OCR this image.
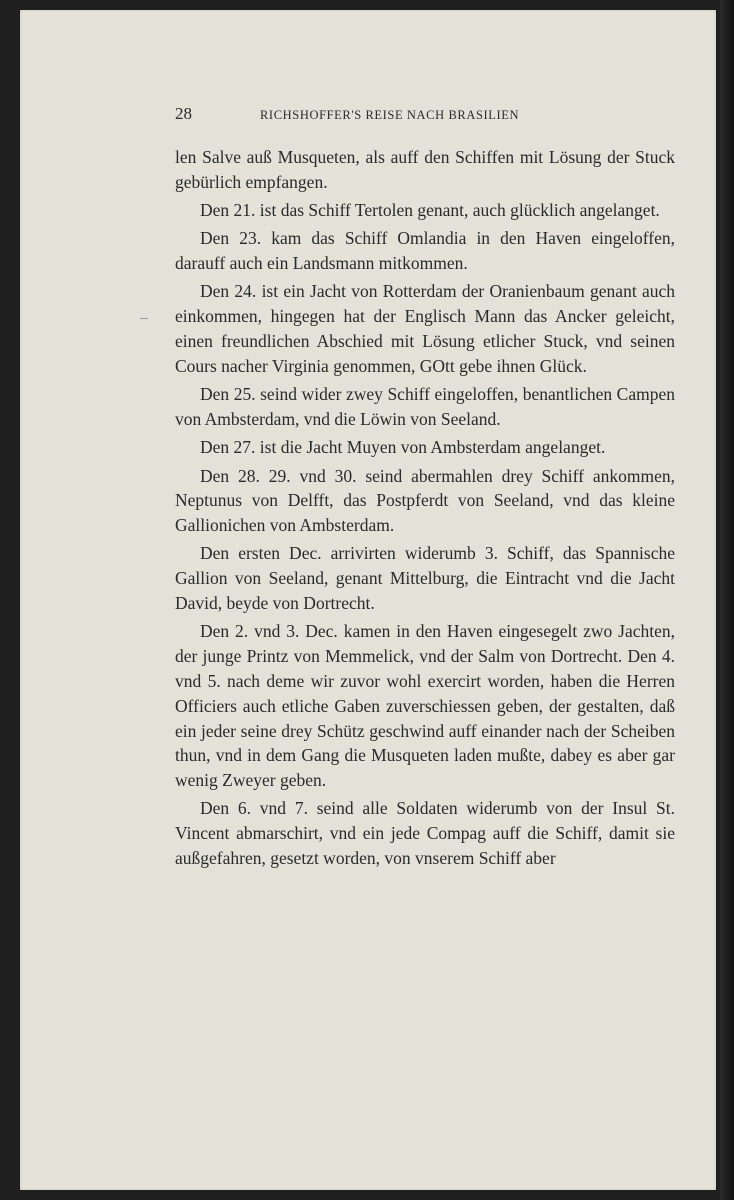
28	RICHSHOFFER'S REISE NACH BRASILIEN

len Salve auß Musqueten, als auff den Schiffen mit Lösung der Stuck gebürlich empfangen.

Den 21. ist das Schiff Tertolen genant, auch glücklich angelanget.

Den 23. kam das Schiff Omlandia in den Haven eingeloffen, darauff auch ein Landsmann mitkommen.

Den 24. ist ein Jacht von Rotterdam der Oranienbaum genant auch einkommen, hingegen hat der Englisch Mann das Ancker geleicht, einen freundlichen Abschied mit Lösung etlicher Stuck, vnd seinen Cours nacher Virginia genommen, GOtt gebe ihnen Glück.

Den 25. seind wider zwey Schiff eingeloffen, benantlichen Campen von Ambsterdam, vnd die Löwin von Seeland.

Den 27. ist die Jacht Muyen von Ambsterdam angelanget.

Den 28. 29. vnd 30. seind abermahlen drey Schiff ankommen, Neptunus von Delfft, das Postpferdt von Seeland, vnd das kleine Gallionichen von Ambsterdam.

Den ersten Dec. arrivirten widerumb 3. Schiff, das Spannische Gallion von Seeland, genant Mittelburg, die Eintracht vnd die Jacht David, beyde von Dortrecht.

Den 2. vnd 3. Dec. kamen in den Haven eingesegelt zwo Jachten, der junge Printz von Memmelick, vnd der Salm von Dortrecht. Den 4. vnd 5. nach deme wir zuvor wohl exercirt worden, haben die Herren Officiers auch etliche Gaben zuverschiessen geben, der gestalten, daß ein jeder seine drey Schütz geschwind auff einander nach der Scheiben thun, vnd in dem Gang die Musqueten laden mußte, dabey es aber gar wenig Zweyer geben.

Den 6. vnd 7. seind alle Soldaten widerumb von der Insul St. Vincent abmarschirt, vnd ein jede Compag auff die Schiff, damit sie außgefahren, gesetzt worden, von vnserem Schiff aber
